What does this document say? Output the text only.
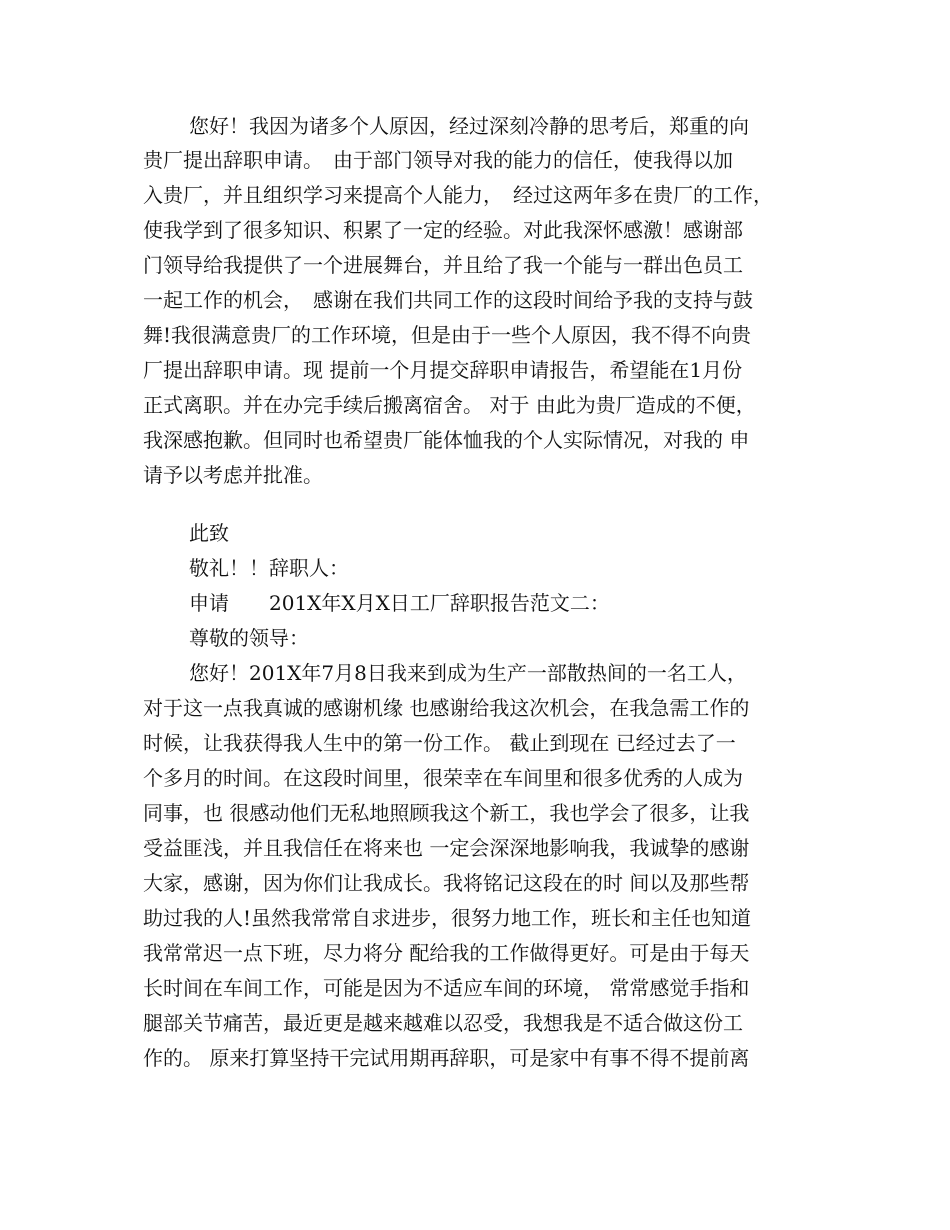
您好！我因为诸多个人原因，经过深刻冷静的思考后，郑重的向
贵厂提出辞职申请。　由于部门领导对我的能力的信任，使我得以加
入贵厂，并且组织学习来提高个人能力，　经过这两年多在贵厂的工作，
使我学到了很多知识、积累了一定的经验。对此我深怀感激！感谢部
门领导给我提供了一个进展舞台，并且给了我一个能与一群出色员工
一起工作的机会，　感谢在我们共同工作的这段时间给予我的支持与鼓
舞!我很满意贵厂的工作环境，但是由于一些个人原因，我不得不向贵
厂提出辞职申请。现 提前一个月提交辞职申请报告，希望能在1月份
正式离职。并在办完手续后搬离宿舍。 对于 由此为贵厂造成的不便，
我深感抱歉。但同时也希望贵厂能体恤我的个人实际情况，对我的 申
请予以考虑并批准。
此致
敬礼！！辞职人：
申请　　201X年X月X日工厂辞职报告范文二：
尊敬的领导：
您好！201X年7月8日我来到成为生产一部散热间的一名工人，
对于这一点我真诚的感谢机缘 也感谢给我这次机会，在我急需工作的
时候，让我获得我人生中的第一份工作。 截止到现在 已经过去了一
个多月的时间。在这段时间里，很荣幸在车间里和很多优秀的人成为
同事，也 很感动他们无私地照顾我这个新工，我也学会了很多，让我
受益匪浅，并且我信任在将来也 一定会深深地影响我，我诚挚的感谢
大家，感谢，因为你们让我成长。我将铭记这段在的时 间以及那些帮
助过我的人!虽然我常常自求进步，很努力地工作，班长和主任也知道
我常常迟一点下班，尽力将分 配给我的工作做得更好。可是由于每天
长时间在车间工作，可能是因为不适应车间的环境， 常常感觉手指和
腿部关节痛苦，最近更是越来越难以忍受，我想我是不适合做这份工
作的。 原来打算坚持干完试用期再辞职，可是家中有事不得不提前离
